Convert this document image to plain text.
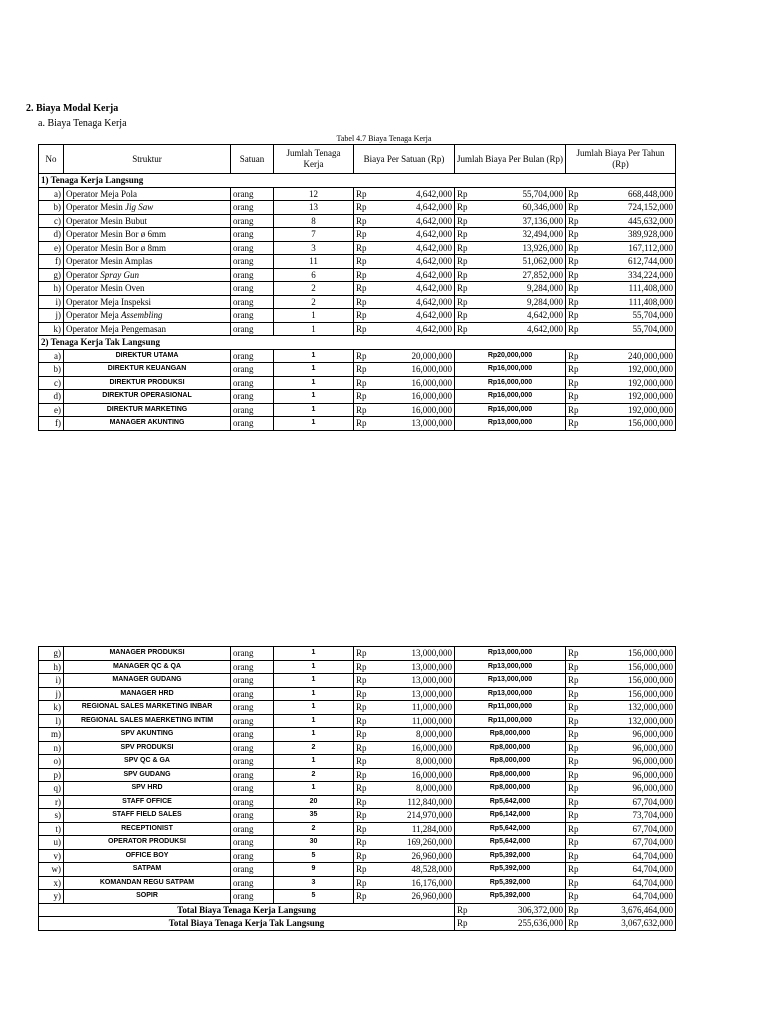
2. Biaya Modal Kerja
a. Biaya Tenaga Kerja
Tabel 4.7 Biaya Tenaga Kerja
No	Struktur	Satuan	Jumlah Tenaga Kerja	Biaya Per Satuan (Rp)	Jumlah Biaya Per Bulan (Rp)	Jumlah Biaya Per Tahun (Rp)
1) Tenaga Kerja Langsung						
a)	Operator Meja Pola	orang	12	Rp 4,642,000	Rp 55,704,000	Rp 668,448,000

b)	Operator Mesin Jig Saw	orang	13	Rp 4,642,000	Rp 60,346,000	Rp 724,152,000

c)	Operator Mesin Bubut	orang	8	Rp 4,642,000	Rp 37,136,000	Rp 445,632,000

d)	Operator Mesin Bor ø 6mm	orang	7	Rp 4,642,000	Rp 32,494,000	Rp 389,928,000

e)	Operator Mesin Bor ø 8mm	orang	3	Rp 4,642,000	Rp 13,926,000	Rp 167,112,000

f)	Operator Mesin Amplas	orang	11	Rp 4,642,000	Rp 51,062,000	Rp 612,744,000

g)	Operator Spray Gun	orang	6	Rp 4,642,000	Rp 27,852,000	Rp 334,224,000

h)	Operator Mesin Oven	orang	2	Rp 4,642,000	Rp 9,284,000	Rp 111,408,000

i)	Operator Meja Inspeksi	orang	2	Rp 4,642,000	Rp 9,284,000	Rp 111,408,000

j)	Operator Meja Assembling	orang	1	Rp 4,642,000	Rp 4,642,000	Rp 55,704,000

k)	Operator Meja Pengemasan	orang	1	Rp 4,642,000	Rp 4,642,000	Rp 55,704,000

2) Tenaga Kerja Tak Langsung						
a)	DIREKTUR UTAMA	orang	1	Rp 20,000,000	Rp20,000,000	Rp 240,000,000

b)	DIREKTUR KEUANGAN	orang	1	Rp 16,000,000	Rp16,000,000	Rp 192,000,000

c)	DIREKTUR PRODUKSI	orang	1	Rp 16,000,000	Rp16,000,000	Rp 192,000,000

d)	DIREKTUR OPERASIONAL	orang	1	Rp 16,000,000	Rp16,000,000	Rp 192,000,000

e)	DIREKTUR MARKETING	orang	1	Rp 16,000,000	Rp16,000,000	Rp 192,000,000

f)	MANAGER AKUNTING	orang	1	Rp 13,000,000	Rp13,000,000	Rp 156,000,000
g)	MANAGER PRODUKSI	orang	1	Rp 13,000,000	Rp13,000,000	Rp 156,000,000

h)	MANAGER QC & QA	orang	1	Rp 13,000,000	Rp13,000,000	Rp 156,000,000

i)	MANAGER GUDANG	orang	1	Rp 13,000,000	Rp13,000,000	Rp 156,000,000

j)	MANAGER HRD	orang	1	Rp 13,000,000	Rp13,000,000	Rp 156,000,000

k)	REGIONAL SALES MARKETING INBAR	orang	1	Rp 11,000,000	Rp11,000,000	Rp 132,000,000

l)	REGIONAL SALES MAERKETING INTIM	orang	1	Rp 11,000,000	Rp11,000,000	Rp 132,000,000

m)	SPV AKUNTING	orang	1	Rp 8,000,000	Rp8,000,000	Rp 96,000,000

n)	SPV PRODUKSI	orang	2	Rp 16,000,000	Rp8,000,000	Rp 96,000,000

o)	SPV QC & GA	orang	1	Rp 8,000,000	Rp8,000,000	Rp 96,000,000

p)	SPV GUDANG	orang	2	Rp 16,000,000	Rp8,000,000	Rp 96,000,000

q)	SPV HRD	orang	1	Rp 8,000,000	Rp8,000,000	Rp 96,000,000

r)	STAFF OFFICE	orang	20	Rp 112,840,000	Rp5,642,000	Rp 67,704,000

s)	STAFF FIELD SALES	orang	35	Rp 214,970,000	Rp6,142,000	Rp 73,704,000

t)	RECEPTIONIST	orang	2	Rp 11,284,000	Rp5,642,000	Rp 67,704,000

u)	OPERATOR PRODUKSI	orang	30	Rp 169,260,000	Rp5,642,000	Rp 67,704,000

v)	OFFICE BOY	orang	5	Rp 26,960,000	Rp5,392,000	Rp 64,704,000

w)	SATPAM	orang	9	Rp 48,528,000	Rp5,392,000	Rp 64,704,000

x)	KOMANDAN REGU SATPAM	orang	3	Rp 16,176,000	Rp5,392,000	Rp 64,704,000

y)	SOPIR	orang	5	Rp 26,960,000	Rp5,392,000	Rp 64,704,000

Total Biaya Tenaga Kerja Langsung					Rp 306,372,000	Rp 3,676,464,000

Total Biaya Tenaga Kerja Tak Langsung					Rp 255,636,000	Rp 3,067,632,000
